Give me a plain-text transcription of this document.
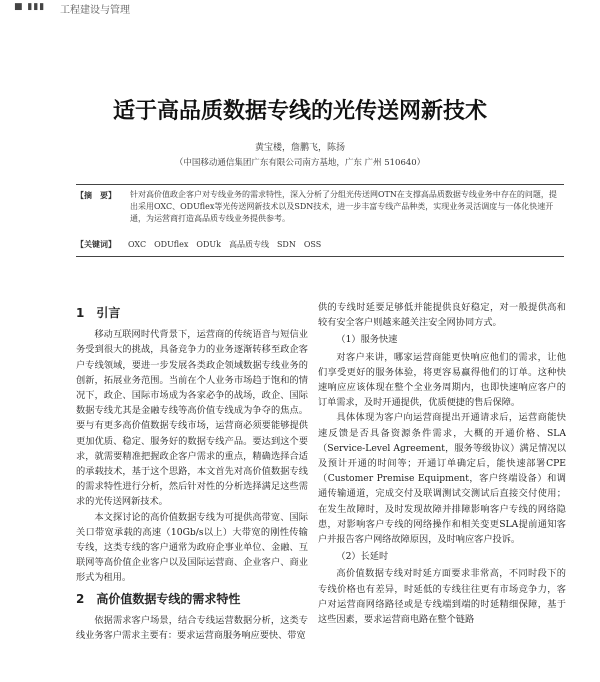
■ ▮▮▮ 工程建设与管理
适于高品质数据专线的光传送网新技术
黄宝楼，詹鹏飞，陈扬
（中国移动通信集团广东有限公司南方基地，广东 广州 510640）
【摘　要】	针对高价值政企客户对专线业务的需求特性，深入分析了分组光传送网OTN在支撑高品质数据专线业务中存在的问题，提出采用OXC、ODUflex等光传送网新技术以及SDN技术，进一步丰富专线产品种类，实现业务灵活调度与一体化快速开通，为运营商打造高品质专线业务提供参考。
【关键词】 OXC　ODUflex　ODUk　高品质专线　SDN　OSS
1　引言

移动互联网时代背景下，运营商的传统语音与短信业务受到很大的挑战，具备竞争力的业务逐渐转移至政企客户专线领域，要进一步发展各类政企领域数据专线业务的创新，拓展业务范围。当前在个人业务市场趋于饱和的情况下，政企、国际市场成为各家必争的战场，政企、国际数据专线尤其是金融专线等高价值专线成为争夺的焦点。要与有更多高价值数据专线市场，运营商必须要能够提供更加优质、稳定、服务好的数据专线产品。要达到这个要求，就需要精准把握政企客户需求的重点，精确选择合适的承载技术，基于这个思路，本文首先对高价值数据专线的需求特性进行分析，然后针对性的分析选择满足这些需求的光传送网新技术。

本文探讨论的高价值数据专线为可提供高带宽、国际关口带宽承载的高速（10Gb/s以上）大带宽的刚性传输专线，这类专线的客户通常为政府企事业单位、金融、互联网等高价值企业客户以及国际运营商、企业客户、商业形式为租用。

2　高价值数据专线的需求特性

依据需求客户场景，结合专线运营数据分析，这类专线业务客户需求主要有：要求运营商服务响应要快、带宽

供的专线时延要足够低并能提供良好稳定，对一般提供高和较有安全客户则越来越关注安全网协同方式。

（1）服务快速

对客户来讲，哪家运营商能更快响应他们的需求，让他们享受更好的服务体验，将更容易赢得他们的订单。这种快速响应应该体现在整个全业务周期内，也即快速响应客户的订单需求，及时开通提供，优质便捷的售后保障。

具体体现为客户向运营商提出开通请求后，运营商能快速反馈是否具备资源条件需求，大概的开通价格、SLA（Service-Level Agreement，服务等级协议）满足情况以及预计开通的时间等；开通订单确定后，能快速部署CPE（Customer Premise Equipment，客户终端设备）和调通传输通道，完成交付及联调测试交测试后直接交付使用；在发生故障时，及时发现故障并排障影响客户专线的网络隐患，对影响客户专线的网络操作和相关变更SLA提前通知客户并报告客户网络故障原因，及时响应客户投诉。

（2）长延时

高价值数据专线对时延方面要求非常高，不同时段下的专线价格也有差异，时延低的专线往往更有市场竞争力，客户对运营商网络路径或是专线端到端的时延精细保障，基于这些因素，要求运营商电路在整个链路
